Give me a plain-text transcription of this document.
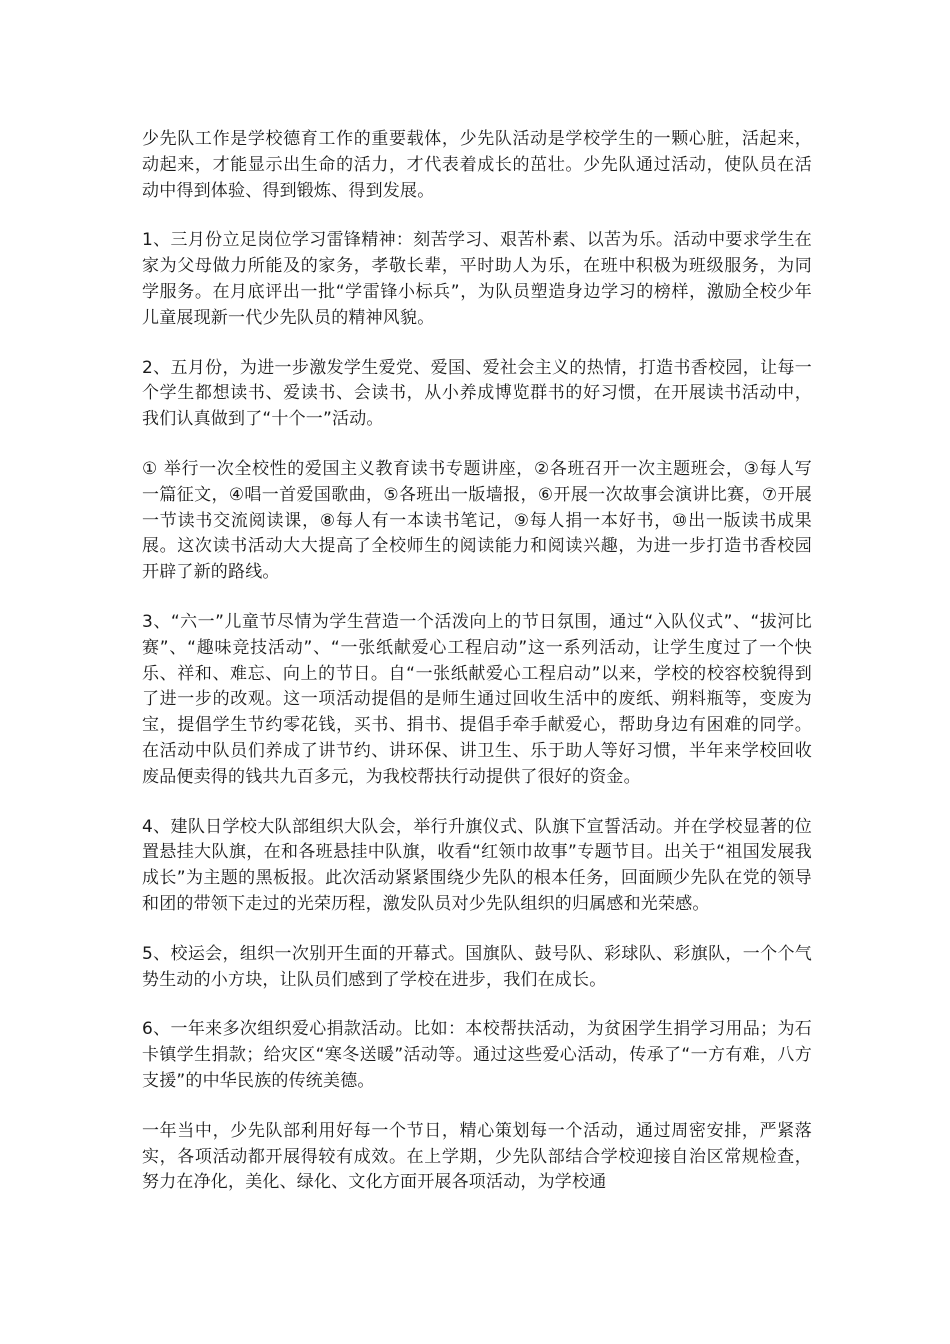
少先队工作是学校德育工作的重要载体，少先队活动是学校学生的一颗心脏，活起来，动起来，才能显示出生命的活力，才代表着成长的茁壮。少先队通过活动，使队员在活动中得到体验、得到锻炼、得到发展。

1、三月份立足岗位学习雷锋精神：刻苦学习、艰苦朴素、以苦为乐。活动中要求学生在家为父母做力所能及的家务，孝敬长辈，平时助人为乐，在班中积极为班级服务，为同学服务。在月底评出一批“学雷锋小标兵”，为队员塑造身边学习的榜样，激励全校少年儿童展现新一代少先队员的精神风貌。

2、五月份，为进一步激发学生爱党、爱国、爱社会主义的热情，打造书香校园，让每一个学生都想读书、爱读书、会读书，从小养成博览群书的好习惯，在开展读书活动中，我们认真做到了“十个一”活动。

① 举行一次全校性的爱国主义教育读书专题讲座，②各班召开一次主题班会，③每人写一篇征文，④唱一首爱国歌曲，⑤各班出一版墙报，⑥开展一次故事会演讲比赛，⑦开展一节读书交流阅读课，⑧每人有一本读书笔记，⑨每人捐一本好书，⑩出一版读书成果展。这次读书活动大大提高了全校师生的阅读能力和阅读兴趣，为进一步打造书香校园开辟了新的路线。

3、“六一”儿童节尽情为学生营造一个活泼向上的节日氛围，通过“入队仪式”、“拔河比赛”、“趣味竞技活动”、“一张纸献爱心工程启动”这一系列活动，让学生度过了一个快乐、祥和、难忘、向上的节日。自“一张纸献爱心工程启动”以来，学校的校容校貌得到了进一步的改观。这一项活动提倡的是师生通过回收生活中的废纸、朔料瓶等，变废为宝，提倡学生节约零花钱，买书、捐书、提倡手牵手献爱心，帮助身边有困难的同学。在活动中队员们养成了讲节约、讲环保、讲卫生、乐于助人等好习惯，半年来学校回收废品便卖得的钱共九百多元，为我校帮扶行动提供了很好的资金。

4、建队日学校大队部组织大队会，举行升旗仪式、队旗下宣誓活动。并在学校显著的位置悬挂大队旗，在和各班悬挂中队旗，收看“红领巾故事”专题节目。出关于“祖国发展我成长”为主题的黑板报。此次活动紧紧围绕少先队的根本任务，回面顾少先队在党的领导和团的带领下走过的光荣历程，激发队员对少先队组织的归属感和光荣感。

5、校运会，组织一次别开生面的开幕式。国旗队、鼓号队、彩球队、彩旗队，一个个气势生动的小方块，让队员们感到了学校在进步，我们在成长。

6、一年来多次组织爱心捐款活动。比如：本校帮扶活动，为贫困学生捐学习用品；为石卡镇学生捐款；给灾区“寒冬送暖”活动等。通过这些爱心活动，传承了“一方有难，八方支援”的中华民族的传统美德。

一年当中，少先队部利用好每一个节日，精心策划每一个活动，通过周密安排，严紧落实，各项活动都开展得较有成效。在上学期，少先队部结合学校迎接自治区常规检查，努力在净化，美化、绿化、文化方面开展各项活动，为学校通
